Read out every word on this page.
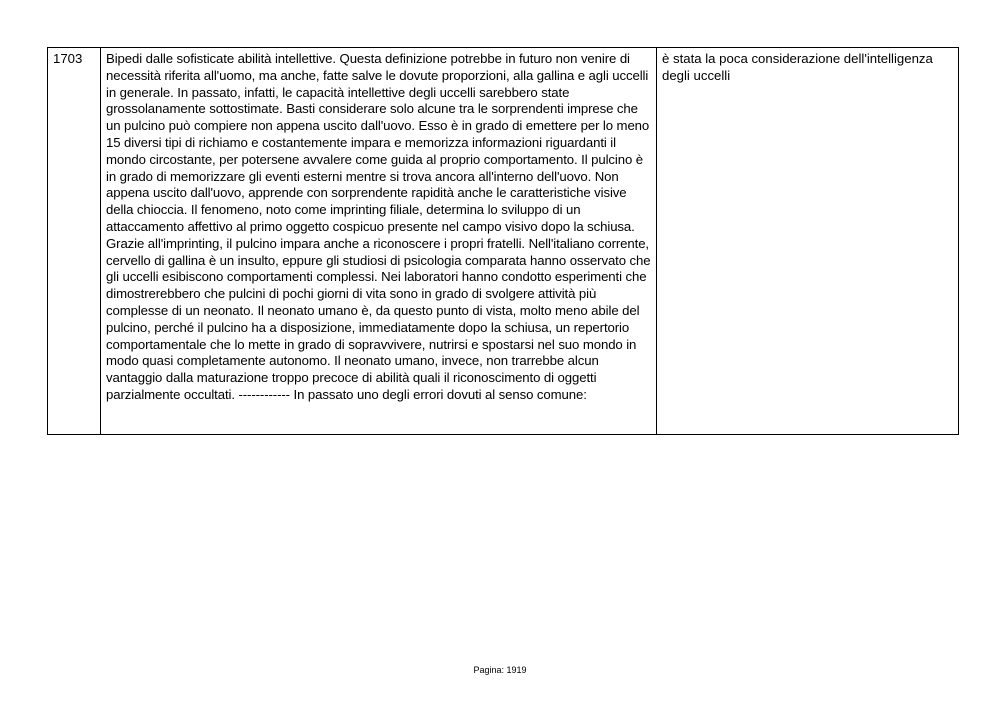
1703	Bipedi dalle sofisticate abilità intellettive. Questa definizione potrebbe in futuro non venire di necessità riferita all'uomo, ma anche, fatte salve le dovute proporzioni, alla gallina e agli uccelli in generale. In passato, infatti, le capacità intellettive degli uccelli sarebbero state grossolanamente sottostimate. Basti considerare solo alcune tra le sorprendenti imprese che un pulcino può compiere non appena uscito dall'uovo. Esso è in grado di emettere per lo meno 15 diversi tipi di richiamo e costantemente impara e memorizza informazioni riguardanti il mondo circostante, per potersene avvalere come guida al proprio comportamento. Il pulcino è in grado di memorizzare gli eventi esterni mentre si trova ancora all'interno dell'uovo. Non appena uscito dall'uovo, apprende con sorprendente rapidità anche le caratteristiche visive della chioccia. Il fenomeno, noto come imprinting filiale, determina lo sviluppo di un attaccamento affettivo al primo oggetto cospicuo presente nel campo visivo dopo la schiusa. Grazie all'imprinting, il pulcino impara anche a riconoscere i propri fratelli. Nell'italiano corrente, cervello di gallina è un insulto, eppure gli studiosi di psicologia comparata hanno osservato che gli uccelli esibiscono comportamenti complessi. Nei laboratori hanno condotto esperimenti che dimostrerebbero che pulcini di pochi giorni di vita sono in grado di svolgere attività più complesse di un neonato. Il neonato umano è, da questo punto di vista, molto meno abile del pulcino, perché il pulcino ha a disposizione, immediatamente dopo la schiusa, un repertorio comportamentale che lo mette in grado di sopravvivere, nutrirsi e spostarsi nel suo mondo in modo quasi completamente autonomo. Il neonato umano, invece, non trarrebbe alcun vantaggio dalla maturazione troppo precoce di abilità quali il riconoscimento di oggetti parzialmente occultati. ------------ In passato uno degli errori dovuti al senso comune:	è stata la poca considerazione dell'intelligenza degli uccelli
Pagina: 1919
